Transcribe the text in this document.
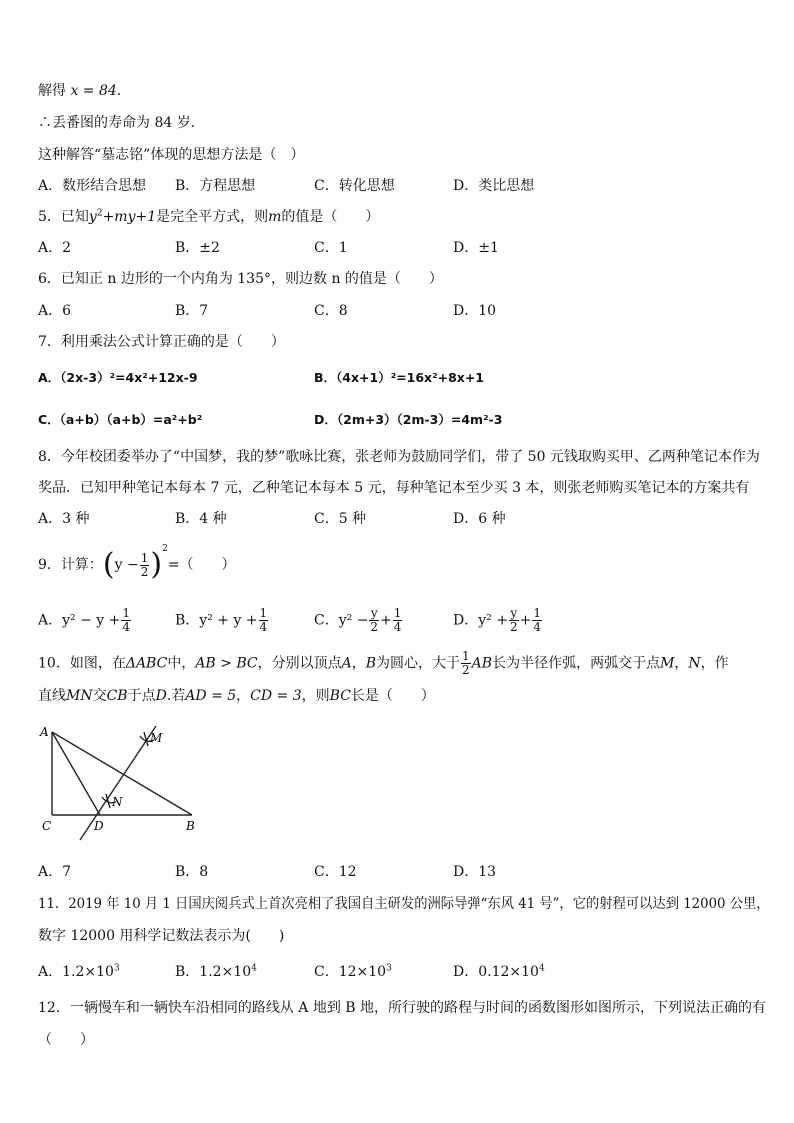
解得 x = 84.
∴丢番图的寿命为 84 岁.
这种解答“墓志铭”体现的思想方法是（　）
A．数形结合思想 B．方程思想	C．转化思想	D．类比思想
5．已知$y^2+my+1$是完全平方式，则m的值是（　　）
A．2	B．±2	C．1	D．±1
6．已知正 n 边形的一个内角为 135°，则边数 n 的值是（　　）
A．6	B．7	C．8	D．10
7．利用乘法公式计算正确的是（　　）
A．（2x-3）²=4x²+12x-9	B．（4x+1）²=16x²+8x+1
C．（a+b）（a+b）=a²+b²	D．（2m+3）（2m-3）=4m²-3
8．今年校团委举办了“中国梦，我的梦”歌咏比赛，张老师为鼓励同学们，带了 50 元钱取购买甲、乙两种笔记本作为
奖品．已知甲种笔记本每本 7 元，乙种笔记本每本 5 元，每种笔记本至少买 3 本，则张老师购买笔记本的方案共有
A．3 种	B．4 种	C．5 种	D．6 种
9．计算：$(y - \frac{1}{2} )^2=$（　　）
A．$y^2 - y + \frac{1}{4}$	B．$y^2 + y + \frac{1}{4}$	C．$y^2 - \frac{y}{2} + \frac{1}{4}$	D．$y^2 + \frac{y}{2} + \frac{1}{4}$
10．如图，在ΔABC中，AB > BC，分别以顶点A，B为圆心，大于 $\frac{1}{2}$ AB长为半径作弧，两弧交于点M，N，作
直线MN交CB于点D.若AD = 5，CD = 3，则BC长是（　　）
A	M
N
C	D	B
A．7	B．8	C．12	D．13
11．2019 年 10 月 1 日国庆阅兵式上首次亮相了我国自主研发的洲际导弹“东风 41 号”，它的射程可以达到 12000 公里，
数字 12000 用科学记数法表示为(　　)
A．$1.2\times 10^3$	B．$1.2\times 10^4$	C．$12\times 10^3$	D．$0.12\times 10^4$
12．一辆慢车和一辆快车沿相同的路线从 A 地到 B 地，所行驶的路程与时间的函数图形如图所示，下列说法正确的有
（　　）
